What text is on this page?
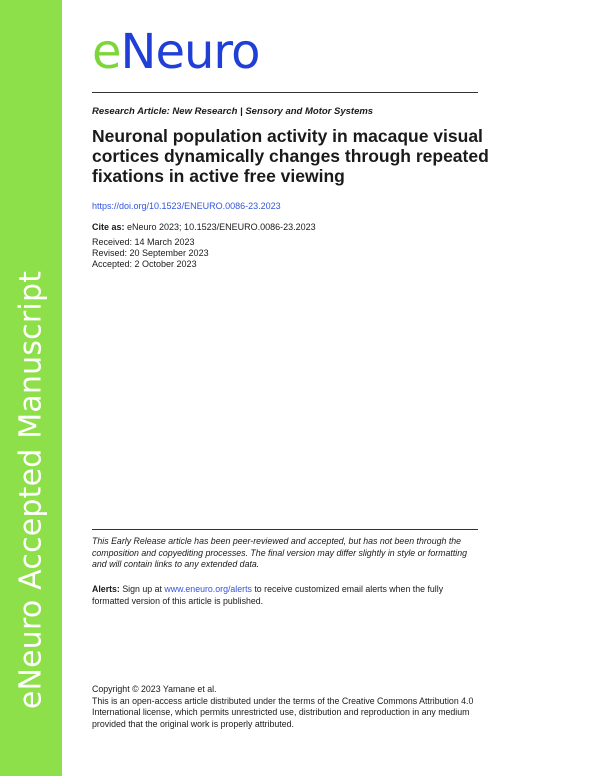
eNeuro Accepted Manuscript
eNeuro
Research Article: New Research | Sensory and Motor Systems
Neuronal population activity in macaque visual cortices dynamically changes through repeated fixations in active free viewing
https://doi.org/10.1523/ENEURO.0086-23.2023
Cite as: eNeuro 2023; 10.1523/ENEURO.0086-23.2023
Received: 14 March 2023
Revised: 20 September 2023
Accepted: 2 October 2023
This Early Release article has been peer-reviewed and accepted, but has not been through the composition and copyediting processes. The final version may differ slightly in style or formatting and will contain links to any extended data.
Alerts: Sign up at www.eneuro.org/alerts to receive customized email alerts when the fully formatted version of this article is published.
Copyright © 2023 Yamane et al.
This is an open-access article distributed under the terms of the Creative Commons Attribution 4.0 International license, which permits unrestricted use, distribution and reproduction in any medium provided that the original work is properly attributed.
